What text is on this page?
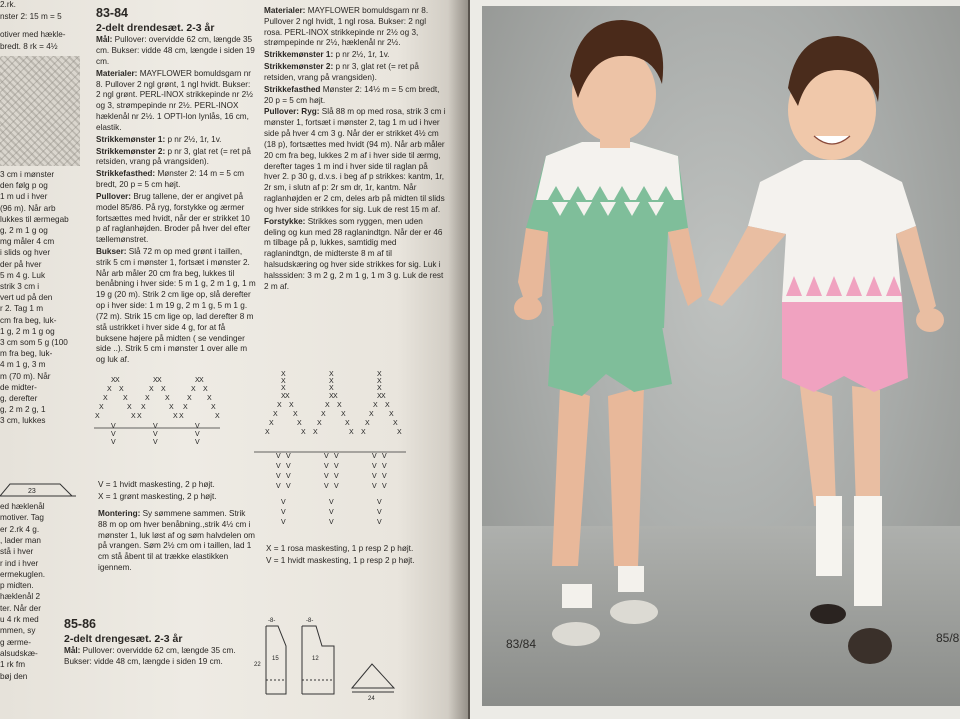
2.rk.
nster 2: 15 m = 5
otiver med hækle-
bredt. 8 rk = 4½
3 cm i mønster
den følg p og
1 m ud i hver
(96 m). Når arb
lukkes til ærmegab
g, 2 m 1 g og
mg måler 4 cm
i slids og hver
der på hver
5 m 4 g. Luk
strik 3 cm i
vert ud på den
r 2. Tag 1 m
cm fra beg, luk-
1 g, 2 m 1 g og
3 cm som 5 g (100
m fra beg, luk-
4 m 1 g, 3 m
m (70 m). Når
de midter-
g, derefter
g, 2 m 2 g, 1
3 cm, lukkes
ed hæklenål
motiver. Tag
er 2.rk 4 g.
, lader man
stå i hver
r ind i hver
ermekuglen.
p midten.
hæklenål 2
ter. Når der
u 4 rk med
mmen, sy
g ærme-
alsudskæ-
1 rk fm
bøj den
23
83-84
2-delt drendesæt. 2-3 år

Mål: Pullover: overvidde 62 cm, længde 35 cm. Bukser: vidde 48 cm, længde i siden 19 cm.

Materialer: MAYFLOWER bomuldsgarn nr 8. Pullover 2 ngl grønt, 1 ngl hvidt. Bukser: 2 ngl grønt. PERL-INOX strikkepinde nr 2½ og 3, strømpepinde nr 2½. PERL-INOX hæklenål nr 2½. 1 OPTI-lon lynlås, 16 cm, elastik.

Strikkemønster 1: p nr 2½, 1r, 1v.

Strikkemønster 2: p nr 3, glat ret (= ret på retsiden, vrang på vrangsiden).

Strikkefasthed: Mønster 2: 14 m = 5 cm bredt, 20 p = 5 cm højt.

Pullover: Brug tallene, der er angivet på model 85/86. På ryg, forstykke og ærmer fortsættes med hvidt, når der er strikket 10 p af raglanhøjden. Broder på hver del efter tællemønstret.

Bukser: Slå 72 m op med grønt i taillen, strik 5 cm i mønster 1, fortsæt i mønster 2. Når arb måler 20 cm fra beg, lukkes til benåbning i hver side: 5 m 1 g, 2 m 1 g, 1 m 19 g (20 m). Strik 2 cm lige op, slå derefter op i hver side: 1 m 19 g, 2 m 1 g, 5 m 1 g. (72 m). Strik 15 cm lige op, lad derefter 8 m stå ustrikket i hver side 4 g, for at få buksene højere på midten ( se vendinger side ..). Strik 5 cm i mønster 1 over alle m og luk af.

Materialer: MAYFLOWER bomuldsgarn nr 8. Pullover 2 ngl hvidt, 1 ngl rosa. Bukser: 2 ngl rosa. PERL-INOX strikkepinde nr 2½ og 3, strømpepinde nr 2½, hæklenål nr 2½.

Strikkemønster 1: p nr 2½, 1r, 1v.

Strikkemønster 2: p nr 3, glat ret (= ret på retsiden, vrang på vrangsiden).

Strikkefasthed Mønster 2: 14½ m = 5 cm bredt, 20 p = 5 cm højt.

Pullover: Ryg: Slå 88 m op med rosa, strik 3 cm i mønster 1, fortsæt i mønster 2, tag 1 m ud i hver side på hver 4 cm 3 g. Når der er strikket 4½ cm (18 p), fortsættes med hvidt (94 m). Når arb måler 20 cm fra beg, lukkes 2 m af i hver side til ærmg, derefter tages 1 m ind i hver side til raglan på hver 2. p 30 g, d.v.s. i beg af p strikkes: kantm, 1r, 2r sm, i slutn af p: 2r sm dr, 1r, kantm. Når raglanhøjden er 2 cm, deles arb på midten til slids og hver side strikkes for sig. Luk de rest 15 m af.

Forstykke: Strikkes som ryggen, men uden deling og kun med 28 raglanindtgn. Når der er 46 m tilbage på p, lukkes, samtidig med raglanindtgn, de midterste 8 m af til halsudskæring og hver side strikkes for sig. Luk i halsssiden: 3 m 2 g, 2 m 1 g, 1 m 3 g. Luk de rest 2 m af.

X X
X X
X X
X	X
X	X
V
V
V
X X
X X
X X
X	X
X	X
V
V
V
X X
X X
X X
X	X
X	X
V
V
V
X
X
X
X X
X X
X X
X	X
X	X
V V
V V
V V
V V
V
V
V
X
X
X
X X
X X
X X
X	X
X	X
V V
V V
V V
V V
V
V
V
X
X
X
X X
X X
X X
X	X
X	X
V V
V V
V V
V V
V
V
V

V = 1 hvidt maskesting, 2 p højt.

X = 1 grønt maskesting, 2 p højt.

Montering: Sy sømmene sammen. Strik 88 m op om hver benåbning.,strik 4½ cm i mønster 1, luk løst af og søm halvdelen om på vrangen. Søm 2½ cm om i taillen, lad 1 cm stå åbent til at trække elastikken igennem.

X = 1 rosa maskesting, 1 p resp 2 p højt.

V = 1 hvidt maskesting, 1 p resp 2 p højt.

85-86
2-delt drengesæt. 2-3 år

Mål: Pullover: overvidde 62 cm, længde 35 cm. Bukser: vidde 48 cm, længde i siden 19 cm.

-8-
15
22
-8-
12
24
83/84	85/8
